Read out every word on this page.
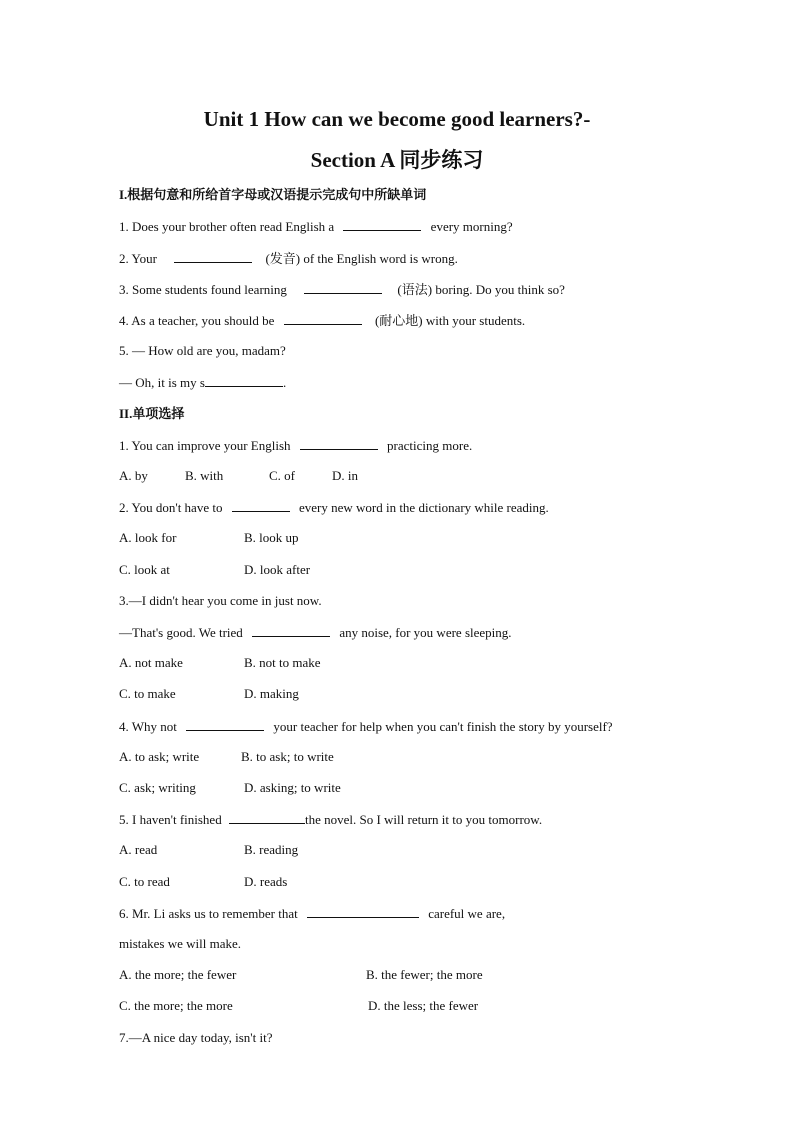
Unit 1 How can we become good learners?-
Section A 同步练习
I.根据句意和所给首字母或汉语提示完成句中所缺单词
1. Does your brother often read English a	every morning?
2. Your	(发音) of the English word is wrong.
3. Some students found learning	(语法) boring. Do you think so?
4. As a teacher, you should be	(耐心地) with your students.
5. — How old are you, madam?
— Oh, it is my s	.
II.单项选择
1. You can improve your English	practicing more.
A. by	B. with	C. of	D. in
2. You don't have to	every new word in the dictionary while reading.
A. look for	B. look up
C. look at	D. look after
3.—I didn't hear you come in just now.
—That's good. We tried	any noise, for you were sleeping.
A. not make	B. not to make
C. to make	D. making
4. Why not	your teacher for help when you can't finish the story by yourself?
A. to ask; write	B. to ask; to write
C. ask; writing	D. asking; to write
5. I haven't finished	the novel. So I will return it to you tomorrow.
A. read	B. reading
C. to read	D. reads
6. Mr. Li asks us to remember that	careful we are,
mistakes we will make.
A. the more; the fewer	B. the fewer; the more
C. the more; the more	D. the less; the fewer
7.—A nice day today, isn't it?
